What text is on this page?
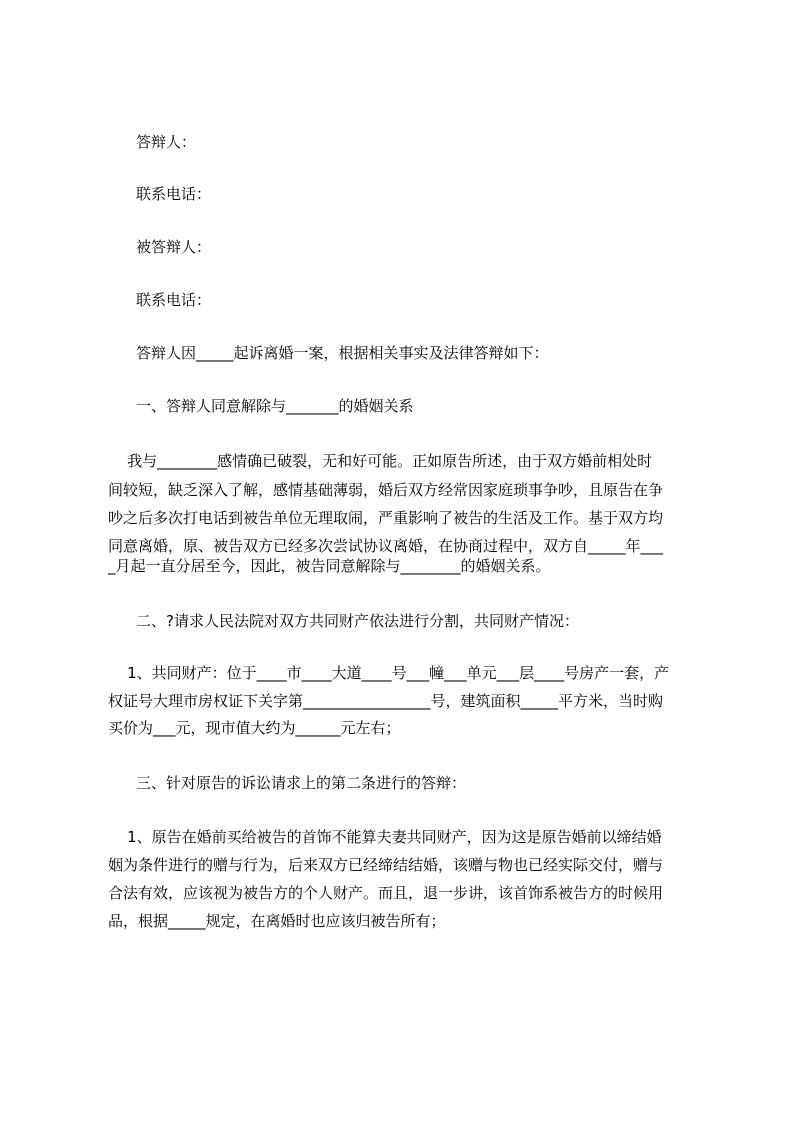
答辩人：
联系电话：
被答辩人：
联系电话：
答辩人因_____起诉离婚一案，根据相关事实及法律答辩如下：
一、答辩人同意解除与_______的婚姻关系
我与________感情确已破裂，无和好可能。正如原告所述，由于双方婚前相处时
间较短，缺乏深入了解，感情基础薄弱，婚后双方经常因家庭琐事争吵，且原告在争
吵之后多次打电话到被告单位无理取闹，严重影响了被告的生活及工作。基于双方均
同意离婚，原、被告双方已经多次尝试协议离婚，在协商过程中，双方自_____年___
_月起一直分居至今，因此，被告同意解除与________的婚姻关系。
二、?请求人民法院对双方共同财产依法进行分割，共同财产情况：
1、共同财产：位于____市____大道____号___幢___单元___层____号房产一套，产
权证号大理市房权证下关字第_________________号，建筑面积_____平方米，当时购
买价为___元，现市值大约为______元左右；
三、针对原告的诉讼请求上的第二条进行的答辩：
1、原告在婚前买给被告的首饰不能算夫妻共同财产，因为这是原告婚前以缔结婚
姻为条件进行的赠与行为，后来双方已经缔结结婚，该赠与物也已经实际交付，赠与
合法有效，应该视为被告方的个人财产。而且，退一步讲，该首饰系被告方的时候用
品，根据_____规定，在离婚时也应该归被告所有；
